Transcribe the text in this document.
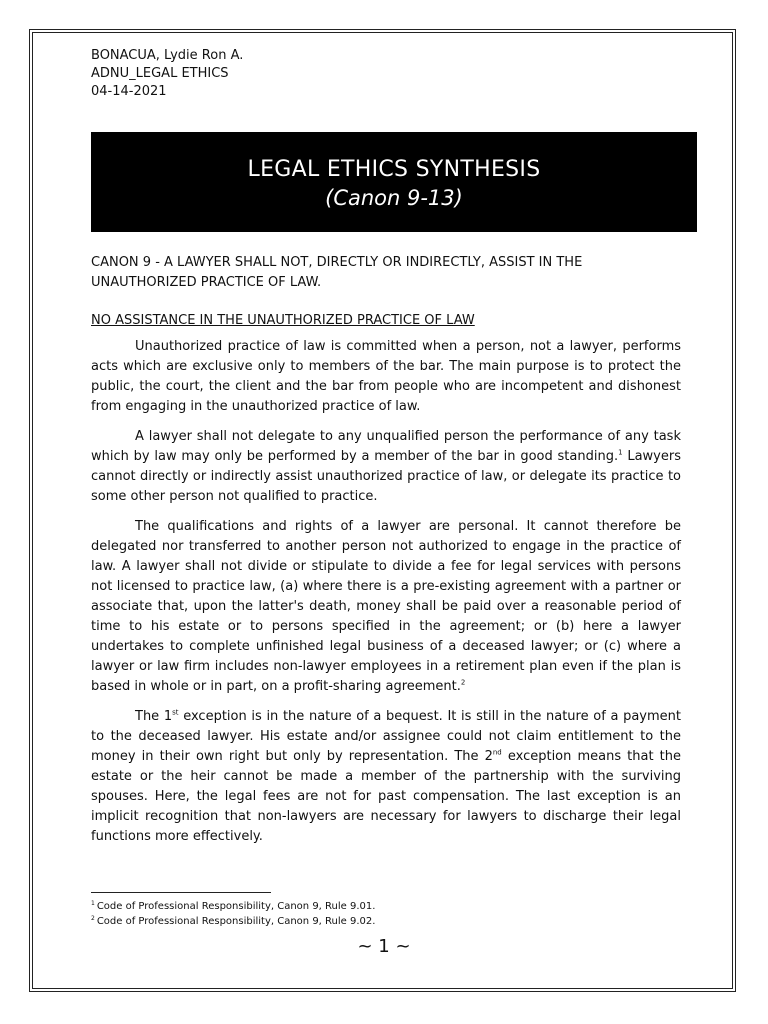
BONACUA, Lydie Ron A.
ADNU_LEGAL ETHICS
04-14-2021
LEGAL ETHICS SYNTHESIS
(Canon 9-13)

CANON 9 - A LAWYER SHALL NOT, DIRECTLY OR INDIRECTLY, ASSIST IN THE UNAUTHORIZED PRACTICE OF LAW.

NO ASSISTANCE IN THE UNAUTHORIZED PRACTICE OF LAW

Unauthorized practice of law is committed when a person, not a lawyer, performs acts which are exclusive only to members of the bar. The main purpose is to protect the public, the court, the client and the bar from people who are incompetent and dishonest from engaging in the unauthorized practice of law.

A lawyer shall not delegate to any unqualified person the performance of any task which by law may only be performed by a member of the bar in good standing.$^1$ Lawyers cannot directly or indirectly assist unauthorized practice of law, or delegate its practice to some other person not qualified to practice.

The qualifications and rights of a lawyer are personal. It cannot therefore be delegated nor transferred to another person not authorized to engage in the practice of law. A lawyer shall not divide or stipulate to divide a fee for legal services with persons not licensed to practice law, (a) where there is a pre-existing agreement with a partner or associate that, upon the latter's death, money shall be paid over a reasonable period of time to his estate or to persons specified in the agreement; or (b) here a lawyer undertakes to complete unfinished legal business of a deceased lawyer; or (c) where a lawyer or law firm includes non-lawyer employees in a retirement plan even if the plan is based in whole or in part, on a profit-sharing agreement.$^2$

The 1st exception is in the nature of a bequest. It is still in the nature of a payment to the deceased lawyer. His estate and/or assignee could not claim entitlement to the money in their own right but only by representation. The 2nd exception means that the estate or the heir cannot be made a member of the partnership with the surviving spouses. Here, the legal fees are not for past compensation. The last exception is an implicit recognition that non-lawyers are necessary for lawyers to discharge their legal functions more effectively.

$^1$ Code of Professional Responsibility, Canon 9, Rule 9.01.
$^2$ Code of Professional Responsibility, Canon 9, Rule 9.02.
~ 1 ~
